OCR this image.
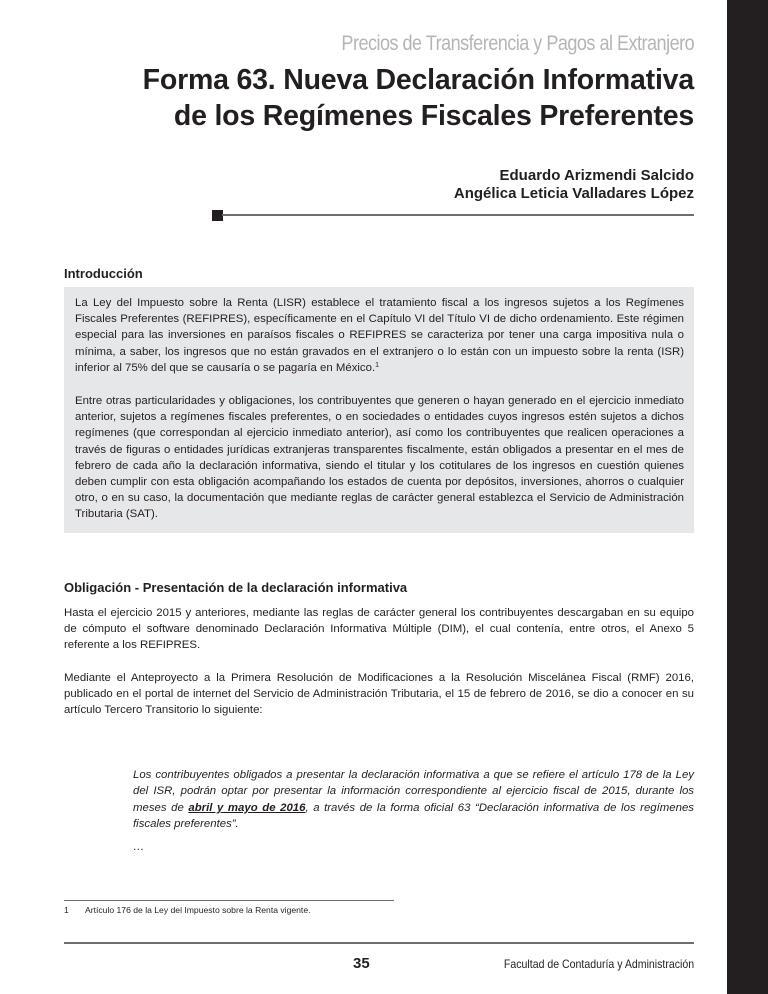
Precios de Transferencia y Pagos al Extranjero
Forma 63. Nueva Declaración Informativa
de los Regímenes Fiscales Preferentes
Eduardo Arizmendi Salcido
Angélica Leticia Valladares López
Introducción

La Ley del Impuesto sobre la Renta (LISR) establece el tratamiento fiscal a los ingresos sujetos a los Regímenes Fiscales Preferentes (REFIPRES), específicamente en el Capítulo VI del Título VI de dicho ordenamiento. Este régimen especial para las inversiones en paraísos fiscales o REFIPRES se caracteriza por tener una carga impositiva nula o mínima, a saber, los ingresos que no están gravados en el extranjero o lo están con un impuesto sobre la renta (ISR) inferior al 75% del que se causaría o se pagaría en México.$^1$

Entre otras particularidades y obligaciones, los contribuyentes que generen o hayan generado en el ejercicio inmediato anterior, sujetos a regímenes fiscales preferentes, o en sociedades o entidades cuyos ingresos estén sujetos a dichos regímenes (que correspondan al ejercicio inmediato anterior), así como los contribuyentes que realicen operaciones a través de figuras o entidades jurídicas extranjeras transparentes fiscalmente, están obligados a presentar en el mes de febrero de cada año la declaración informativa, siendo el titular y los cotitulares de los ingresos en cuestión quienes deben cumplir con esta obligación acompañando los estados de cuenta por depósitos, inversiones, ahorros o cualquier otro, o en su caso, la documentación que mediante reglas de carácter general establezca el Servicio de Administración Tributaria (SAT).

Obligación - Presentación de la declaración informativa

Hasta el ejercicio 2015 y anteriores, mediante las reglas de carácter general los contribuyentes descargaban en su equipo de cómputo el software denominado Declaración Informativa Múltiple (DIM), el cual contenía, entre otros, el Anexo 5 referente a los REFIPRES.

Mediante el Anteproyecto a la Primera Resolución de Modificaciones a la Resolución Miscelánea Fiscal (RMF) 2016, publicado en el portal de internet del Servicio de Administración Tributaria, el 15 de febrero de 2016, se dio a conocer en su artículo Tercero Transitorio lo siguiente:

Los contribuyentes obligados a presentar la declaración informativa a que se refiere el artículo 178 de la Ley del ISR, podrán optar por presentar la información correspondiente al ejercicio fiscal de 2015, durante los meses de abril y mayo de 2016, a través de la forma oficial 63 “Declaración informativa de los regímenes fiscales preferentes”.

…

1 Artículo 176 de la Ley del Impuesto sobre la Renta vigente.
35	Facultad de Contaduría y Administración
